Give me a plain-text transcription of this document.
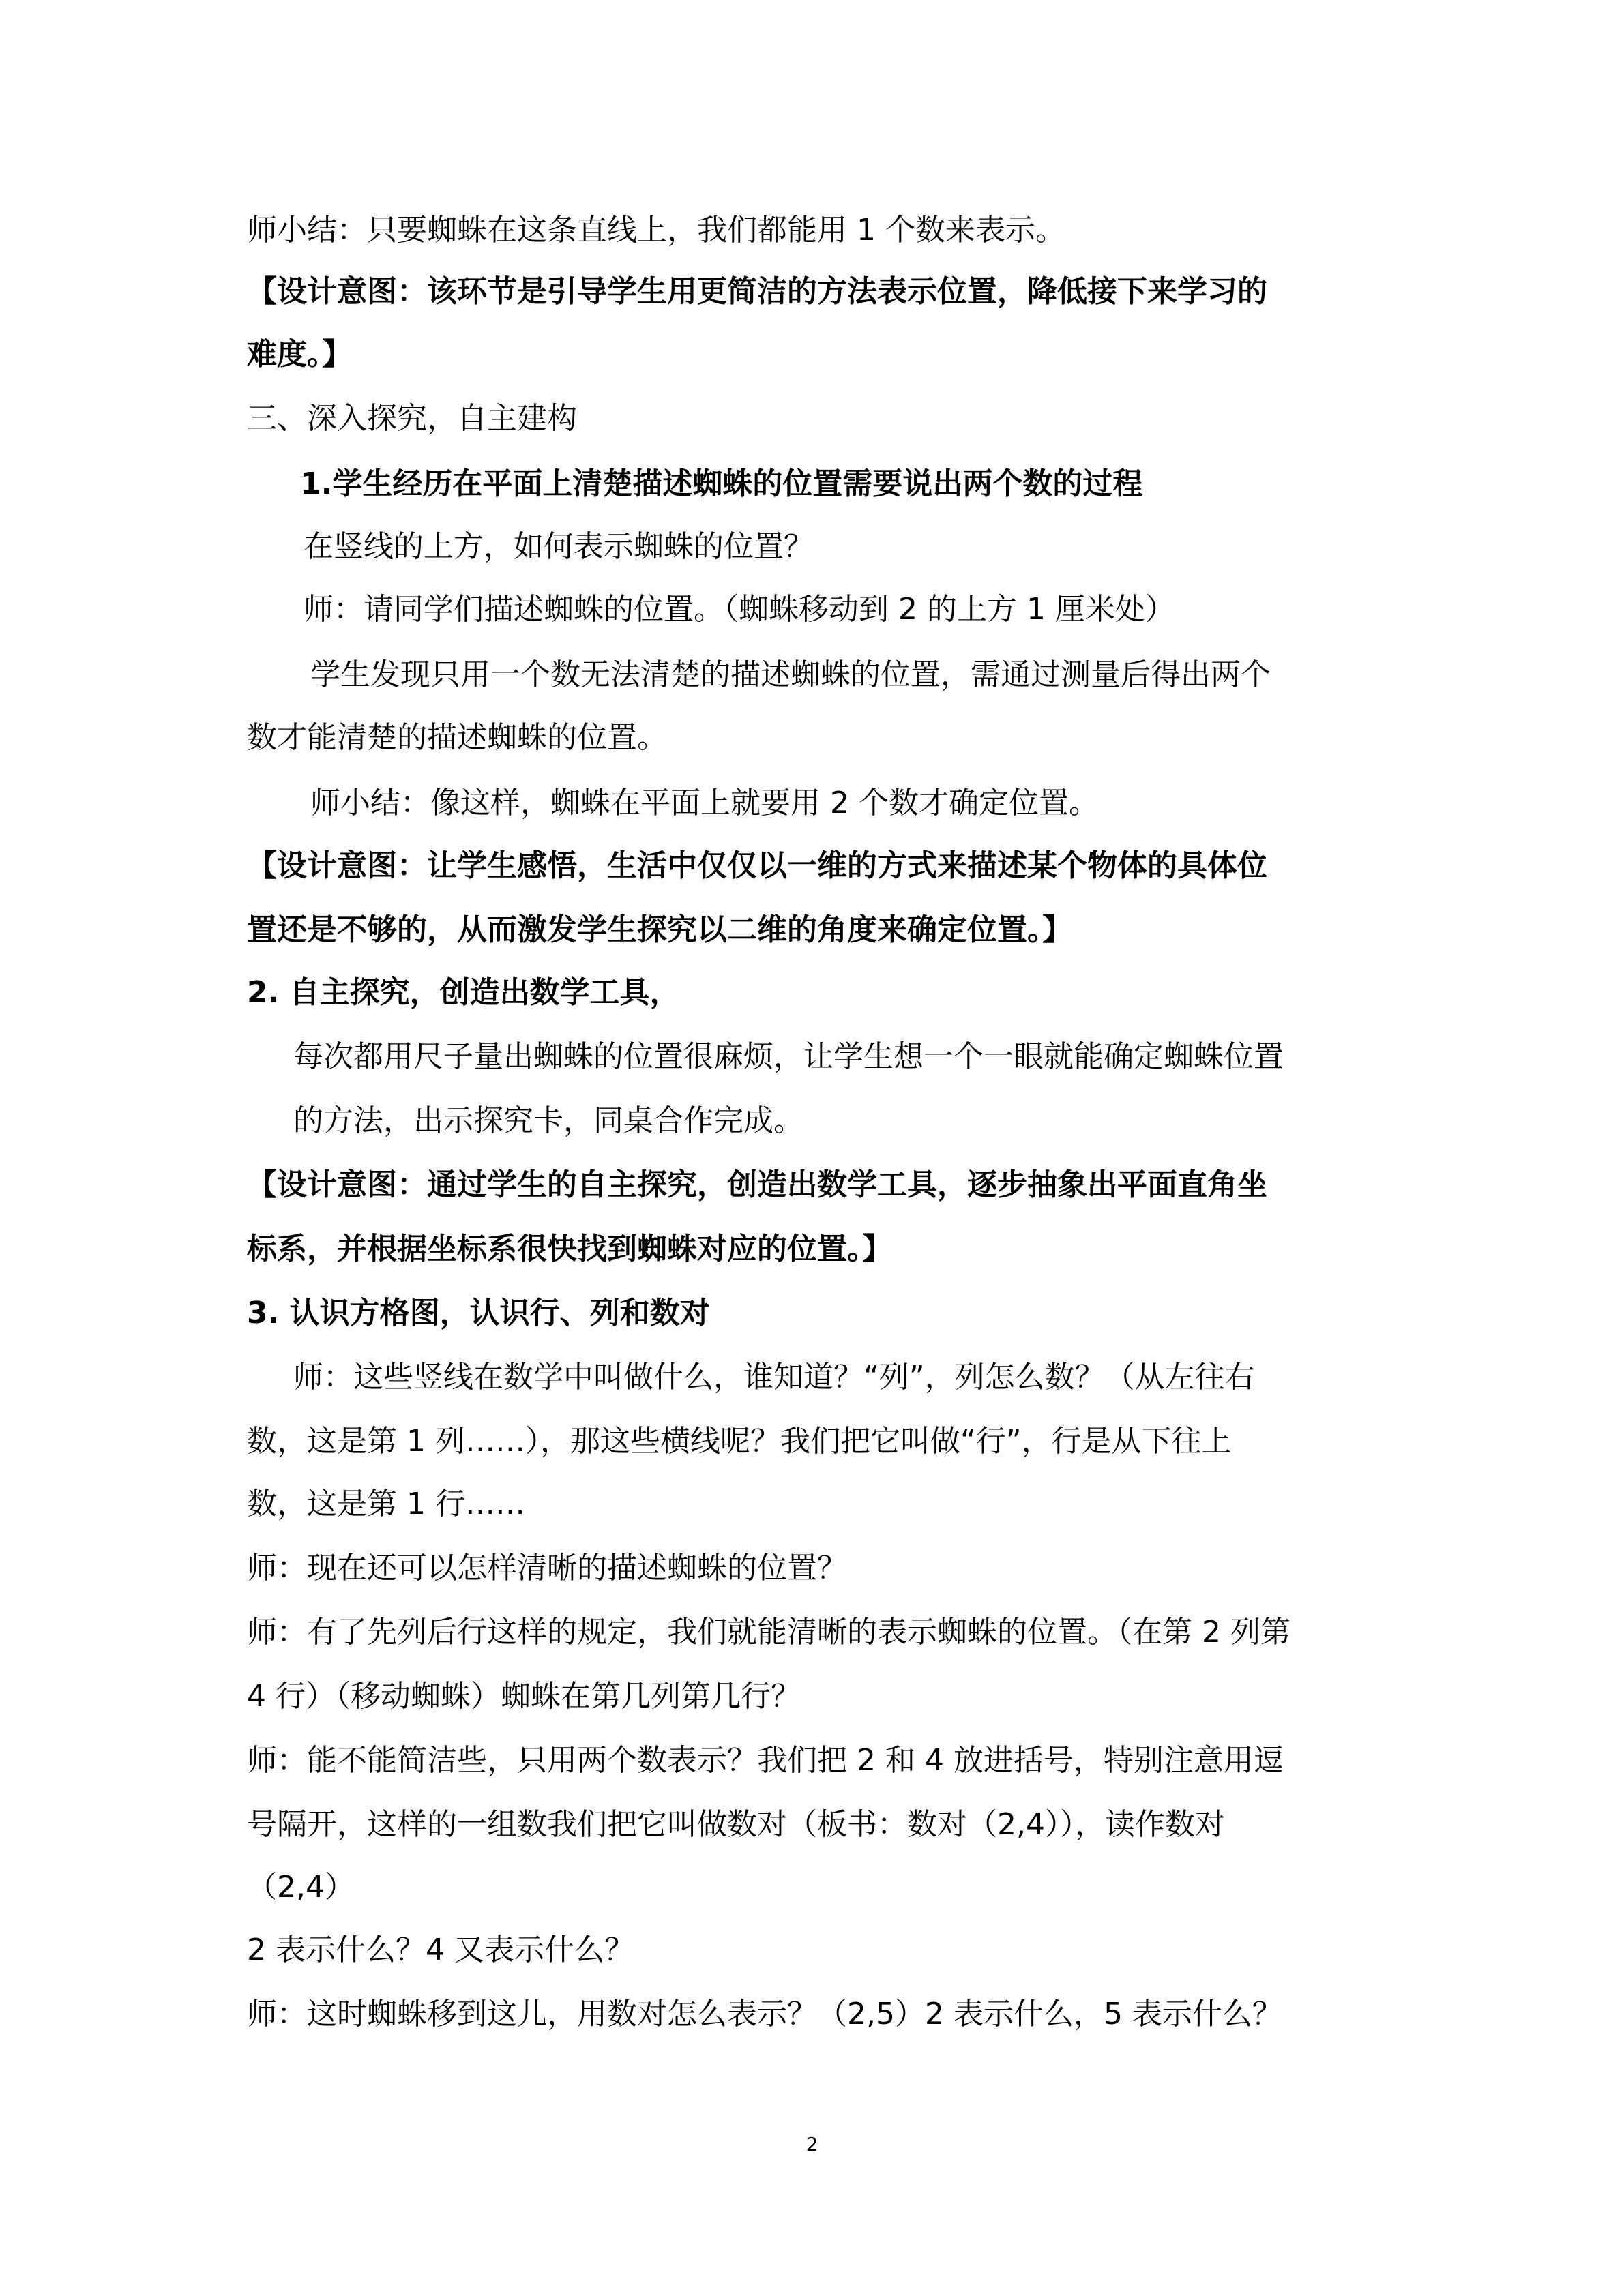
师小结：只要蜘蛛在这条直线上，我们都能用 1 个数来表示。
【设计意图：该环节是引导学生用更简洁的方法表示位置，降低接下来学习的
难度。】
三、深入探究，自主建构
1.学生经历在平面上清楚描述蜘蛛的位置需要说出两个数的过程
在竖线的上方，如何表示蜘蛛的位置？
师：请同学们描述蜘蛛的位置。（蜘蛛移动到 2 的上方 1 厘米处）
学生发现只用一个数无法清楚的描述蜘蛛的位置，需通过测量后得出两个
数才能清楚的描述蜘蛛的位置。
师小结：像这样，蜘蛛在平面上就要用 2 个数才确定位置。
【设计意图：让学生感悟，生活中仅仅以一维的方式来描述某个物体的具体位
置还是不够的，从而激发学生探究以二维的角度来确定位置。】
2. 自主探究，创造出数学工具，
每次都用尺子量出蜘蛛的位置很麻烦，让学生想一个一眼就能确定蜘蛛位置
的方法，出示探究卡，同桌合作完成。
【设计意图：通过学生的自主探究，创造出数学工具，逐步抽象出平面直角坐
标系，并根据坐标系很快找到蜘蛛对应的位置。】
3. 认识方格图，认识行、列和数对
师：这些竖线在数学中叫做什么，谁知道？“列”，列怎么数？（从左往右
数，这是第 1 列……），那这些横线呢？我们把它叫做“行”，行是从下往上
数，这是第 1 行……
师：现在还可以怎样清晰的描述蜘蛛的位置？
师：有了先列后行这样的规定，我们就能清晰的表示蜘蛛的位置。（在第 2 列第
4 行）（移动蜘蛛）蜘蛛在第几列第几行？
师：能不能简洁些，只用两个数表示？我们把 2 和 4 放进括号，特别注意用逗
号隔开，这样的一组数我们把它叫做数对（板书：数对（2,4）），读作数对
（2,4）
2 表示什么？4 又表示什么？
师：这时蜘蛛移到这儿，用数对怎么表示？（2,5）2 表示什么，5 表示什么？
2
